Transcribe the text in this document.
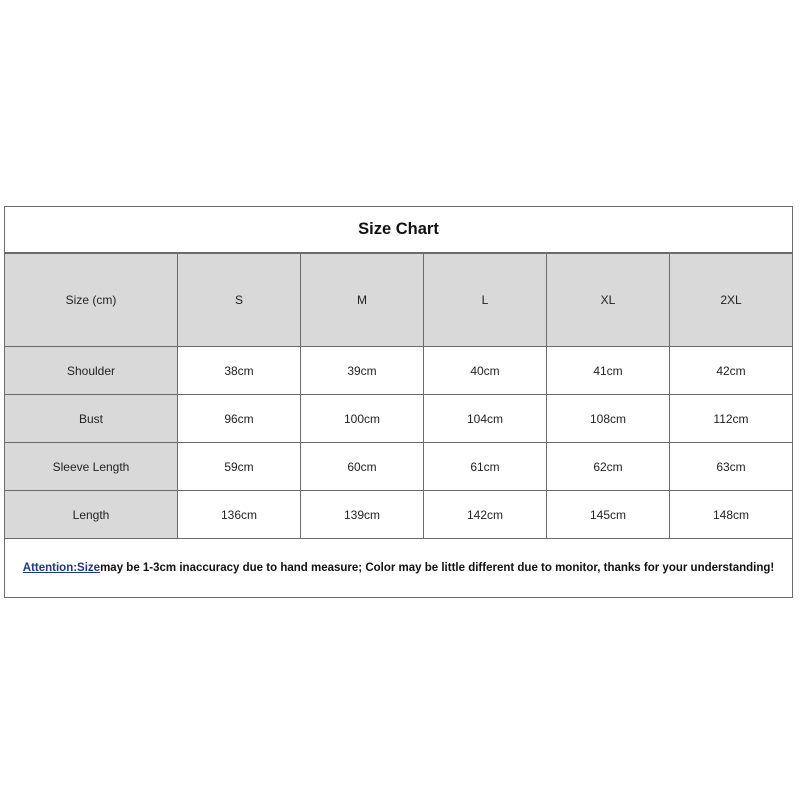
Size Chart
Size (cm)	S	M	L	XL	2XL
Shoulder	38cm	39cm	40cm	41cm	42cm
Bust	96cm	100cm	104cm	108cm	112cm
Sleeve Length	59cm	60cm	61cm	62cm	63cm
Length	136cm	139cm	142cm	145cm	148cm
Attention:Size may be 1-3cm inaccuracy due to hand measure; Color may be little different due to monitor, thanks for your understanding!
